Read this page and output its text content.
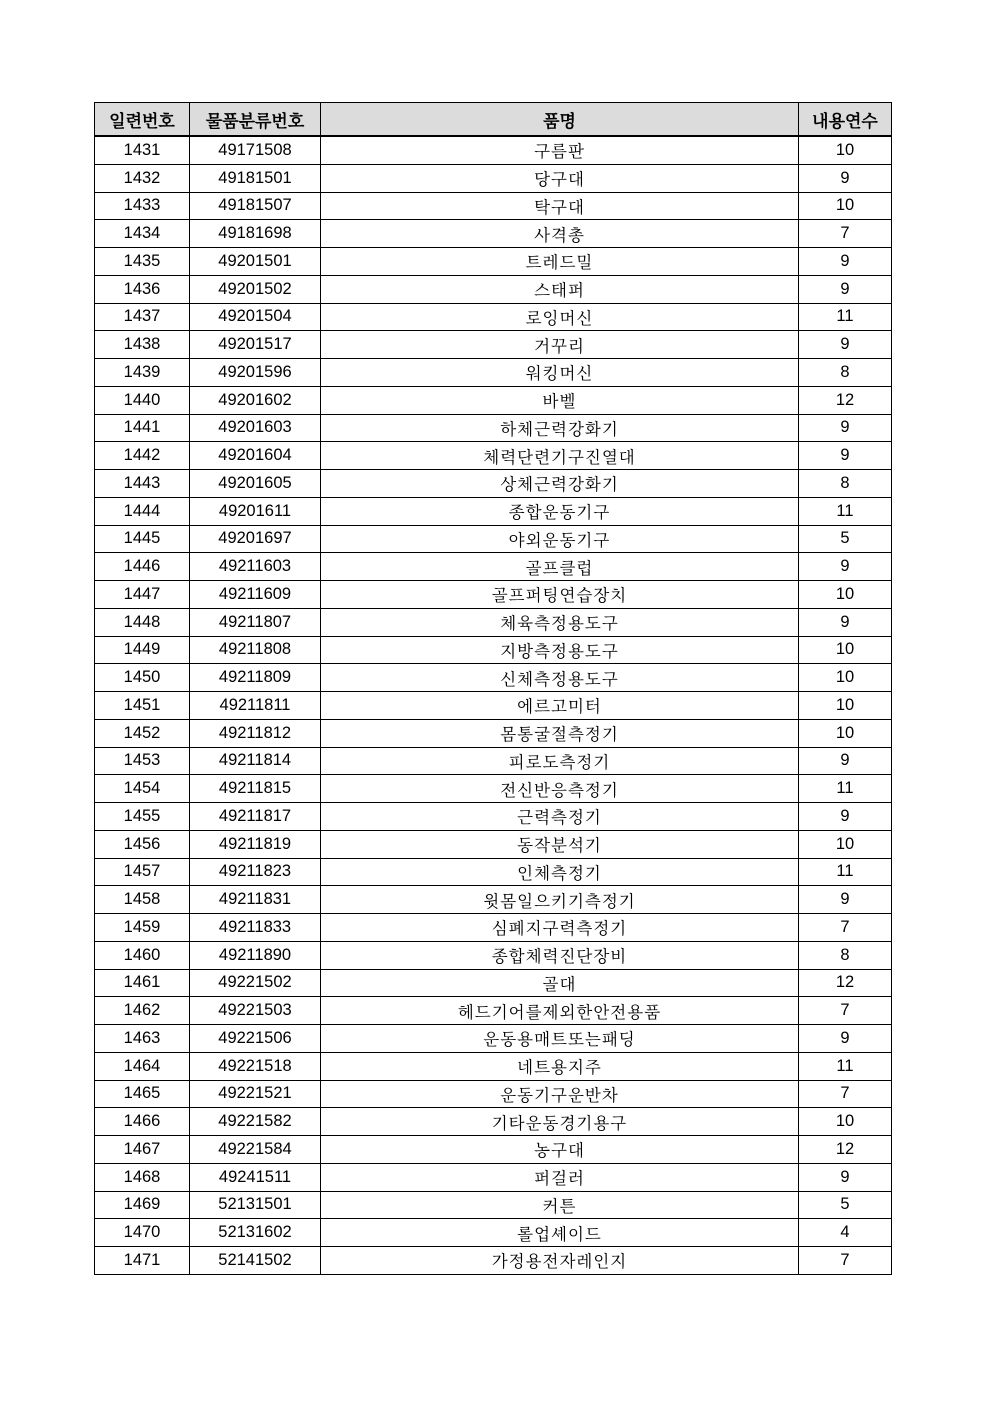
일련번호	물품분류번호	품명	내용연수
1431	49171508	구름판	10
1432	49181501	당구대	9
1433	49181507	탁구대	10
1434	49181698	사격총	7
1435	49201501	트레드밀	9
1436	49201502	스태퍼	9
1437	49201504	로잉머신	11
1438	49201517	거꾸리	9
1439	49201596	워킹머신	8
1440	49201602	바벨	12
1441	49201603	하체근력강화기	9
1442	49201604	체력단련기구진열대	9
1443	49201605	상체근력강화기	8
1444	49201611	종합운동기구	11
1445	49201697	야외운동기구	5
1446	49211603	골프클럽	9
1447	49211609	골프퍼팅연습장치	10
1448	49211807	체육측정용도구	9
1449	49211808	지방측정용도구	10
1450	49211809	신체측정용도구	10
1451	49211811	에르고미터	10
1452	49211812	몸통굴절측정기	10
1453	49211814	피로도측정기	9
1454	49211815	전신반응측정기	11
1455	49211817	근력측정기	9
1456	49211819	동작분석기	10
1457	49211823	인체측정기	11
1458	49211831	윗몸일으키기측정기	9
1459	49211833	심폐지구력측정기	7
1460	49211890	종합체력진단장비	8
1461	49221502	골대	12
1462	49221503	헤드기어를제외한안전용품	7
1463	49221506	운동용매트또는패딩	9
1464	49221518	네트용지주	11
1465	49221521	운동기구운반차	7
1466	49221582	기타운동경기용구	10
1467	49221584	농구대	12
1468	49241511	퍼걸러	9
1469	52131501	커튼	5
1470	52131602	롤업셰이드	4
1471	52141502	가정용전자레인지	7
